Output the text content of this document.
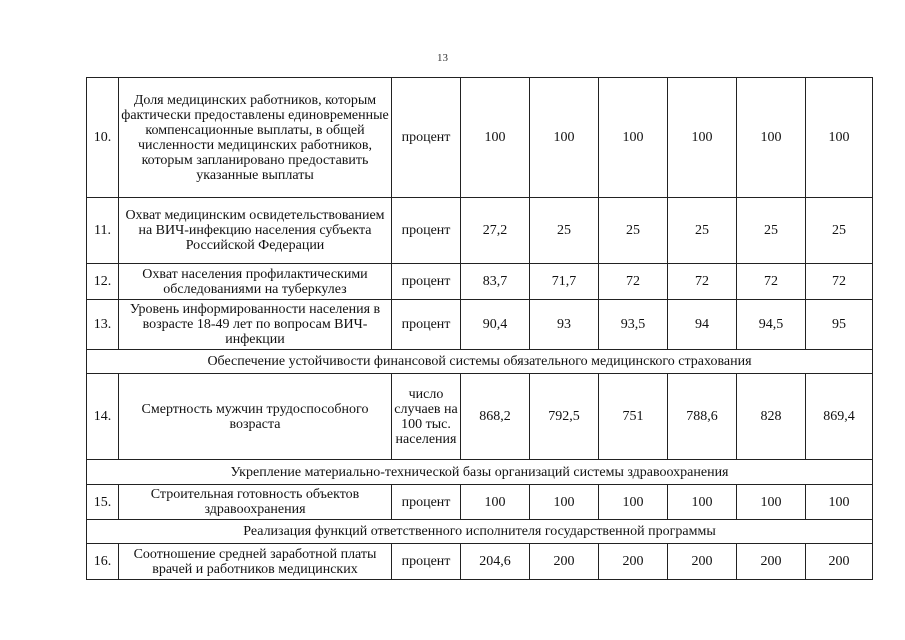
13
10.	Доля медицинских работников, которым фактически предоставлены единовременные компенсационные выплаты, в общей численности медицинских работников, которым запланировано предоставить указанные выплаты	процент	100	100	100	100	100	100
11.	Охват медицинским освидетельствованием на ВИЧ-инфекцию населения субъекта Российской Федерации	процент	27,2	25	25	25	25	25
12.	Охват населения профилактическими обследованиями на туберкулез	процент	83,7	71,7	72	72	72	72
13.	Уровень информированности населения в возрасте 18-49 лет по вопросам ВИЧ-инфекции	процент	90,4	93	93,5	94	94,5	95
Обеспечение устойчивости финансовой системы обязательного медицинского страхования								
14.	Смертность мужчин трудоспособного возраста	число случаев на 100 тыс. населения	868,2	792,5	751	788,6	828	869,4
Укрепление материально-технической базы организаций системы здравоохранения								
15.	Строительная готовность объектов здравоохранения	процент	100	100	100	100	100	100
Реализация функций ответственного исполнителя государственной программы								
16.	Соотношение средней заработной платы врачей и работников медицинских	процент	204,6	200	200	200	200	200
